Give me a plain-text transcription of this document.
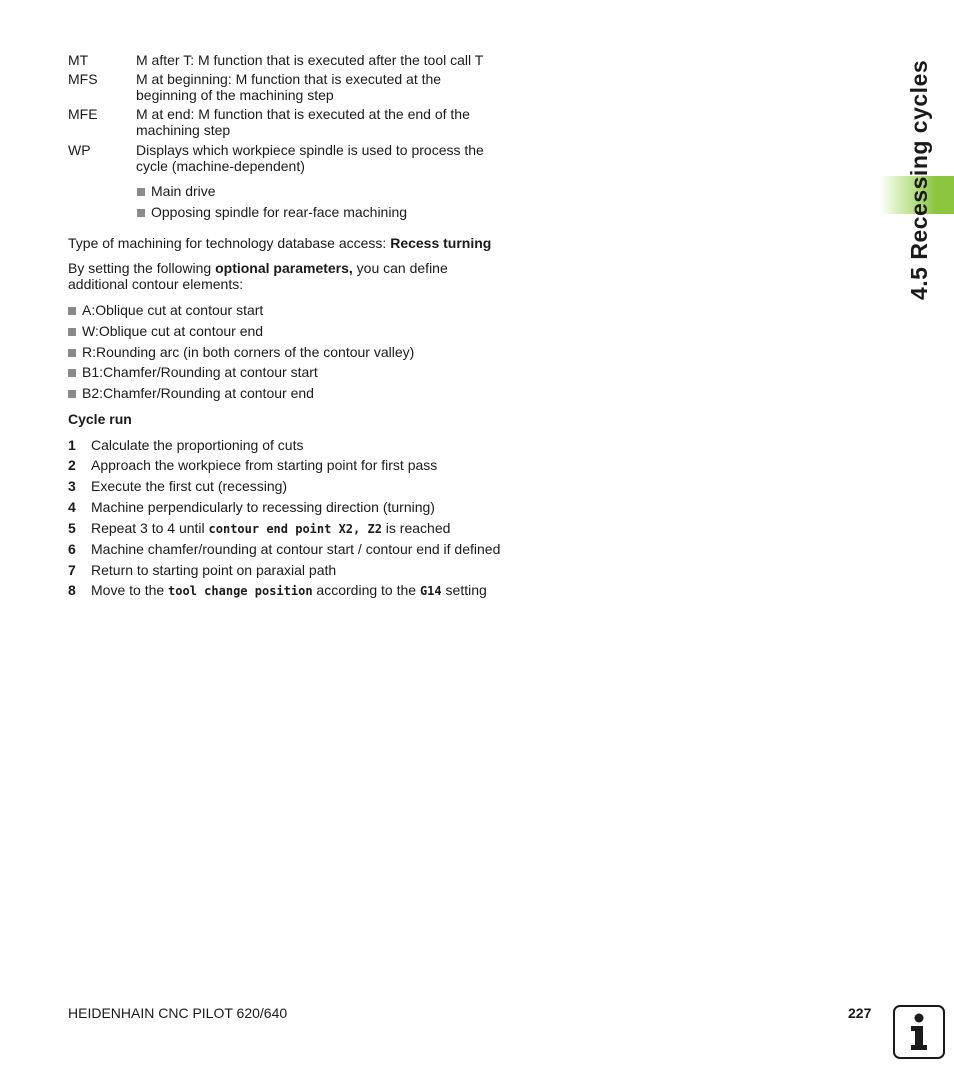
MT	M after T: M function that is executed after the tool call T
MFS	M at beginning: M function that is executed at the beginning of the machining step
MFE	M at end: M function that is executed at the end of the machining step
WP	Displays which workpiece spindle is used to process the cycle (machine-dependent)
Main drive
Opposing spindle for rear-face machining
Type of machining for technology database access: Recess turning
By setting the following optional parameters, you can define additional contour elements:
A:Oblique cut at contour start
W:Oblique cut at contour end
R:Rounding arc (in both corners of the contour valley)
B1:Chamfer/Rounding at contour start
B2:Chamfer/Rounding at contour end
Cycle run
1 Calculate the proportioning of cuts
2 Approach the workpiece from starting point for first pass
3 Execute the first cut (recessing)
4 Machine perpendicularly to recessing direction (turning)
5 Repeat 3 to 4 until contour end point X2, Z2 is reached
6 Machine chamfer/rounding at contour start / contour end if defined
7 Return to starting point on paraxial path
8 Move to the tool change position according to the G14 setting
4.5 Recessing cycles
HEIDENHAIN CNC PILOT 620/640	227
